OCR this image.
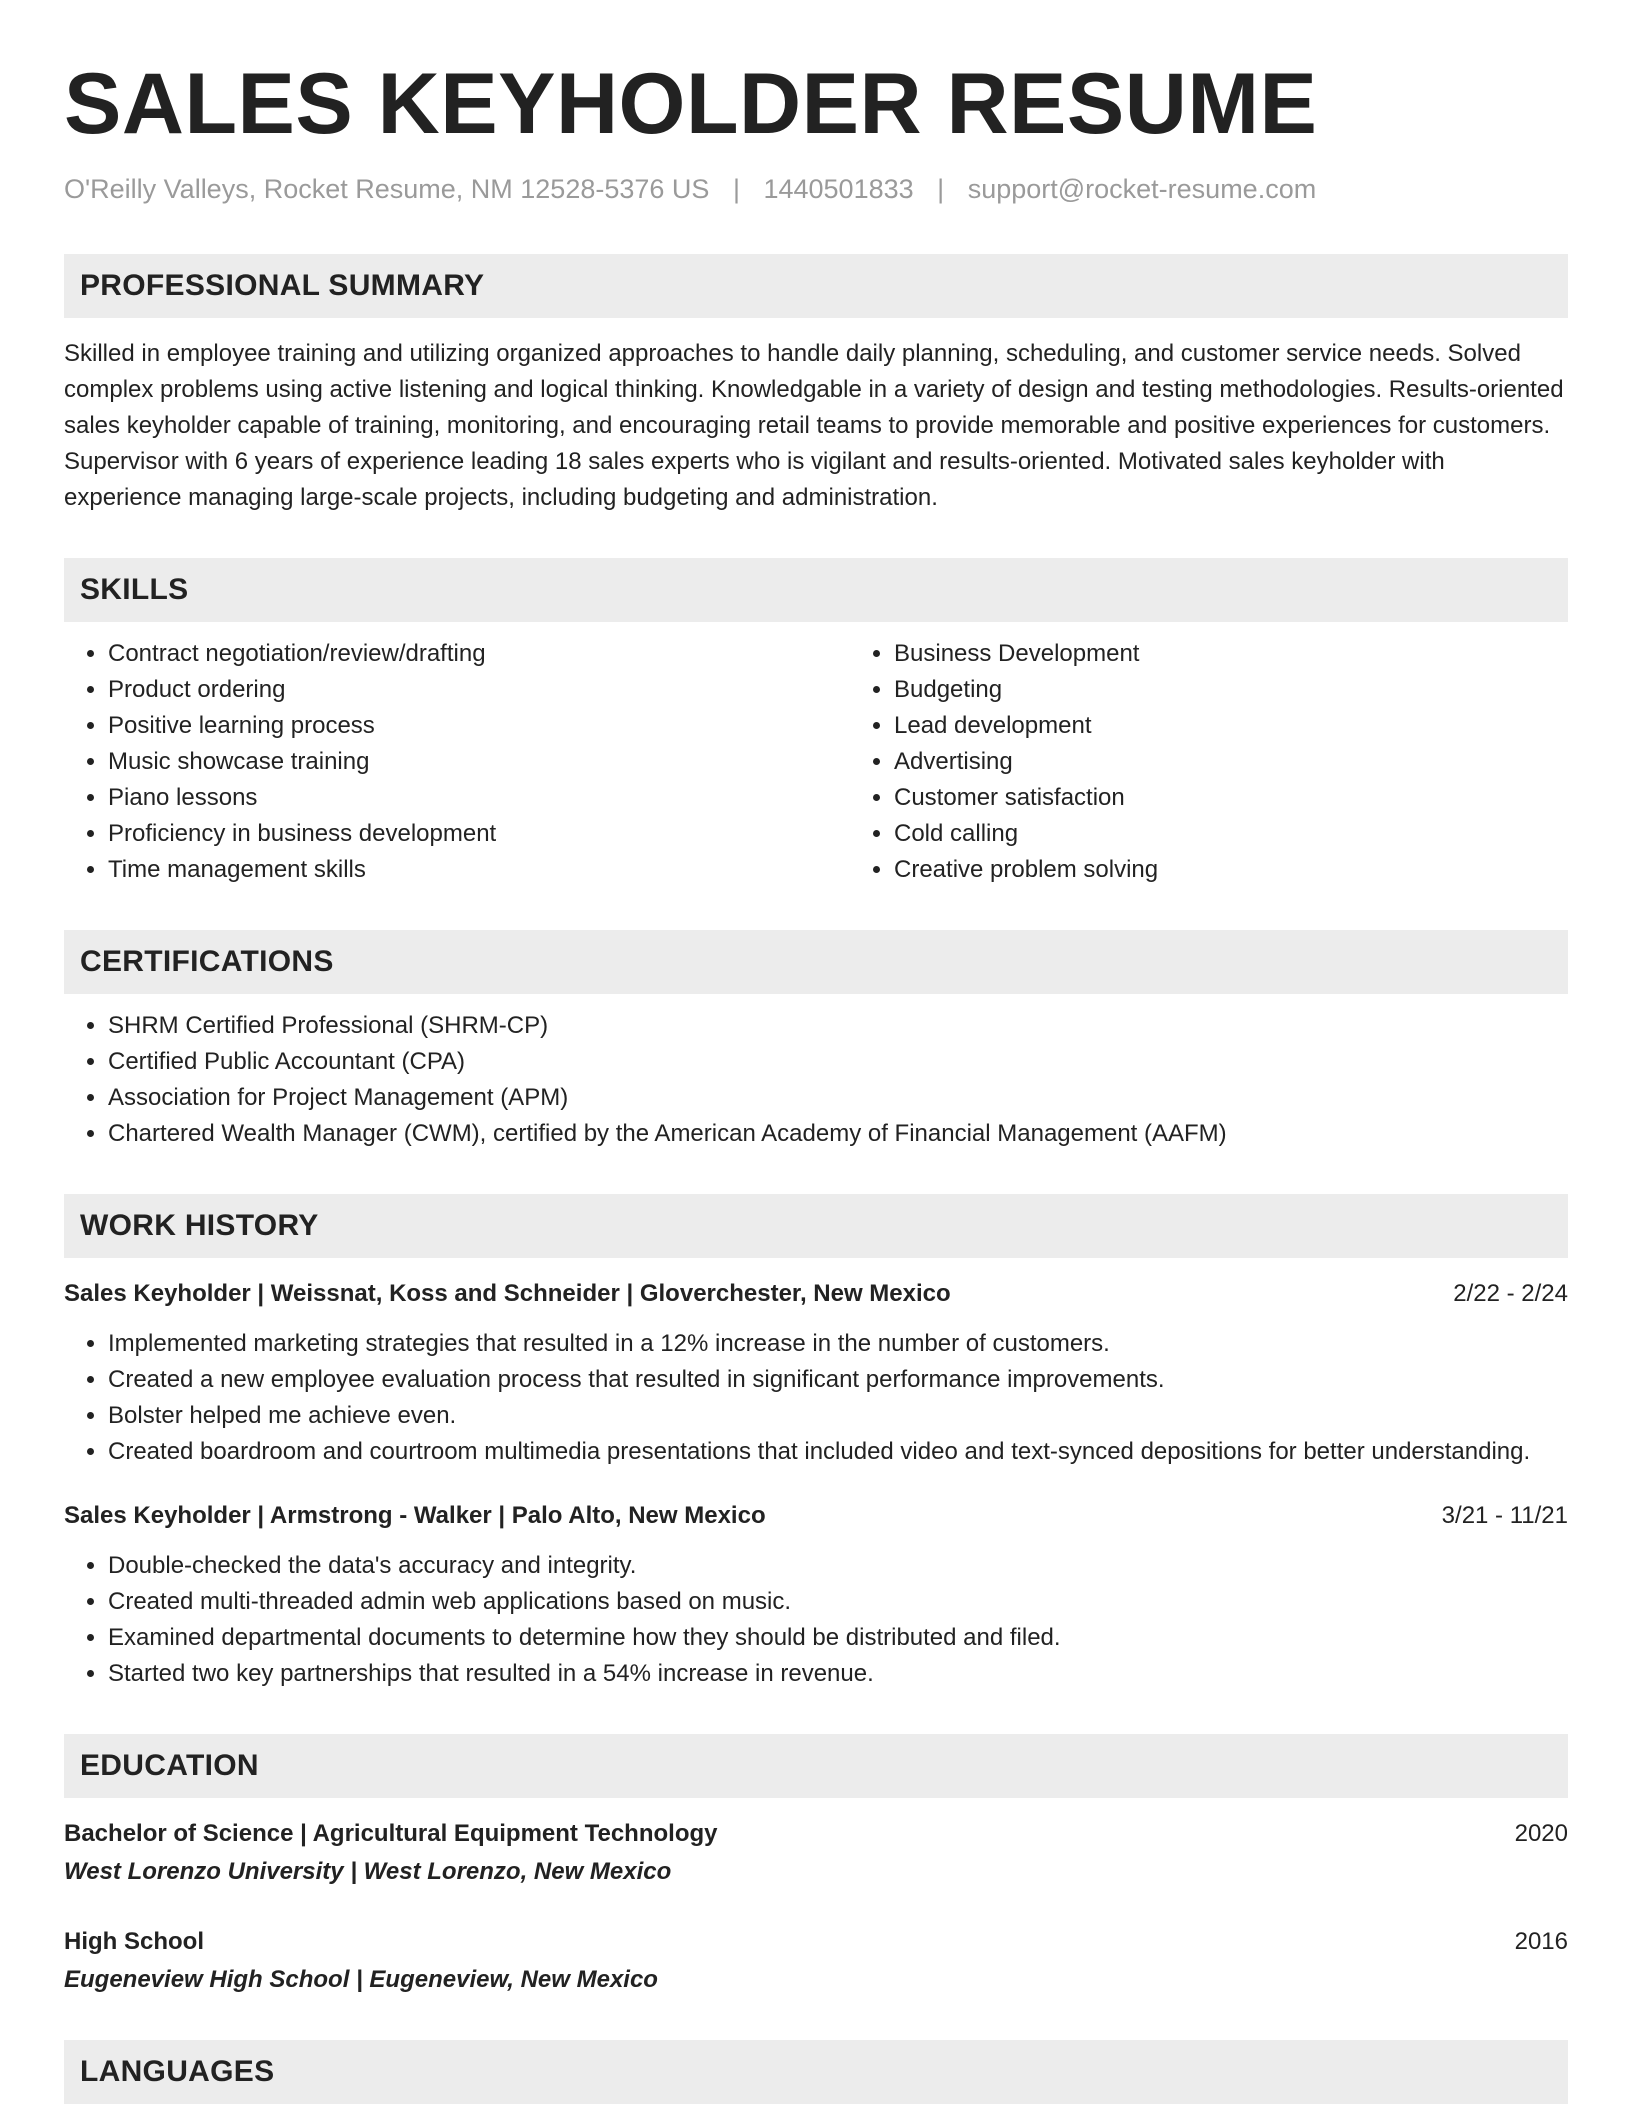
SALES KEYHOLDER RESUME
O'Reilly Valleys, Rocket Resume, NM 12528-5376 US | 1440501833 | support@rocket-resume.com
PROFESSIONAL SUMMARY

Skilled in employee training and utilizing organized approaches to handle daily planning, scheduling, and customer service needs. Solved complex problems using active listening and logical thinking. Knowledgable in a variety of design and testing methodologies. Results-oriented sales keyholder capable of training, monitoring, and encouraging retail teams to provide memorable and positive experiences for customers. Supervisor with 6 years of experience leading 18 sales experts who is vigilant and results-oriented. Motivated sales keyholder with experience managing large-scale projects, including budgeting and administration.

SKILLS
• Contract negotiation/review/drafting
• Product ordering
• Positive learning process
• Music showcase training
• Piano lessons
• Proficiency in business development
• Time management skills
• Business Development
• Budgeting
• Lead development
• Advertising
• Customer satisfaction
• Cold calling
• Creative problem solving
CERTIFICATIONS
• SHRM Certified Professional (SHRM-CP)
• Certified Public Accountant (CPA)
• Association for Project Management (APM)
• Chartered Wealth Manager (CWM), certified by the American Academy of Financial Management (AAFM)
WORK HISTORY
Sales Keyholder | Weissnat, Koss and Schneider | Gloverchester, New Mexico	2/22 - 2/24
• Implemented marketing strategies that resulted in a 12% increase in the number of customers.
• Created a new employee evaluation process that resulted in significant performance improvements.
• Bolster helped me achieve even.
• Created boardroom and courtroom multimedia presentations that included video and text-synced depositions for better understanding.
Sales Keyholder | Armstrong - Walker | Palo Alto, New Mexico	3/21 - 11/21
• Double-checked the data's accuracy and integrity.
• Created multi-threaded admin web applications based on music.
• Examined departmental documents to determine how they should be distributed and filed.
• Started two key partnerships that resulted in a 54% increase in revenue.
EDUCATION
Bachelor of Science | Agricultural Equipment Technology	2020
West Lorenzo University | West Lorenzo, New Mexico
High School	2016
Eugeneview High School | Eugeneview, New Mexico
LANGUAGES
